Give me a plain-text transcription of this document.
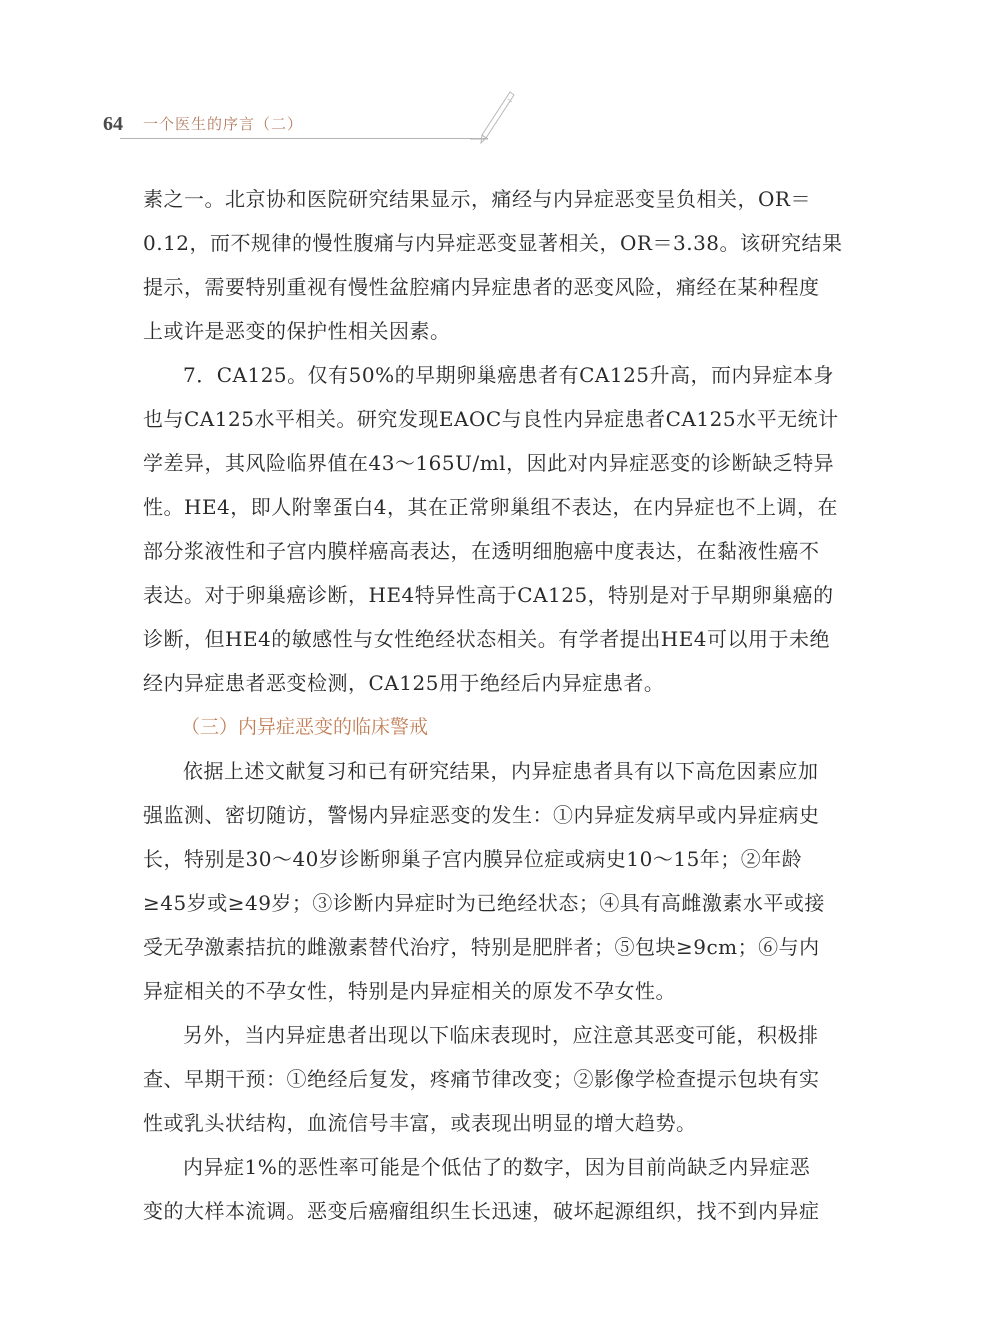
64 一个医生的序言（二）
素之一。北京协和医院研究结果显示，痛经与内异症恶变呈负相关，OR＝
0.12，而不规律的慢性腹痛与内异症恶变显著相关，OR＝3.38。该研究结果
提示，需要特别重视有慢性盆腔痛内异症患者的恶变风险，痛经在某种程度
上或许是恶变的保护性相关因素。
7．CA125。仅有50%的早期卵巢癌患者有CA125升高，而内异症本身
也与CA125水平相关。研究发现EAOC与良性内异症患者CA125水平无统计
学差异，其风险临界值在43～165U/ml，因此对内异症恶变的诊断缺乏特异
性。HE4，即人附睾蛋白4，其在正常卵巢组不表达，在内异症也不上调，在
部分浆液性和子宫内膜样癌高表达，在透明细胞癌中度表达，在黏液性癌不
表达。对于卵巢癌诊断，HE4特异性高于CA125，特别是对于早期卵巢癌的
诊断，但HE4的敏感性与女性绝经状态相关。有学者提出HE4可以用于未绝
经内异症患者恶变检测，CA125用于绝经后内异症患者。
（三）内异症恶变的临床警戒
依据上述文献复习和已有研究结果，内异症患者具有以下高危因素应加
强监测、密切随访，警惕内异症恶变的发生：①内异症发病早或内异症病史
长，特别是30～40岁诊断卵巢子宫内膜异位症或病史10～15年；②年龄
≥45岁或≥49岁；③诊断内异症时为已绝经状态；④具有高雌激素水平或接
受无孕激素拮抗的雌激素替代治疗，特别是肥胖者；⑤包块≥9cm；⑥与内
异症相关的不孕女性，特别是内异症相关的原发不孕女性。
另外，当内异症患者出现以下临床表现时，应注意其恶变可能，积极排
查、早期干预：①绝经后复发，疼痛节律改变；②影像学检查提示包块有实
性或乳头状结构，血流信号丰富，或表现出明显的增大趋势。
内异症1%的恶性率可能是个低估了的数字，因为目前尚缺乏内异症恶
变的大样本流调。恶变后癌瘤组织生长迅速，破坏起源组织，找不到内异症
